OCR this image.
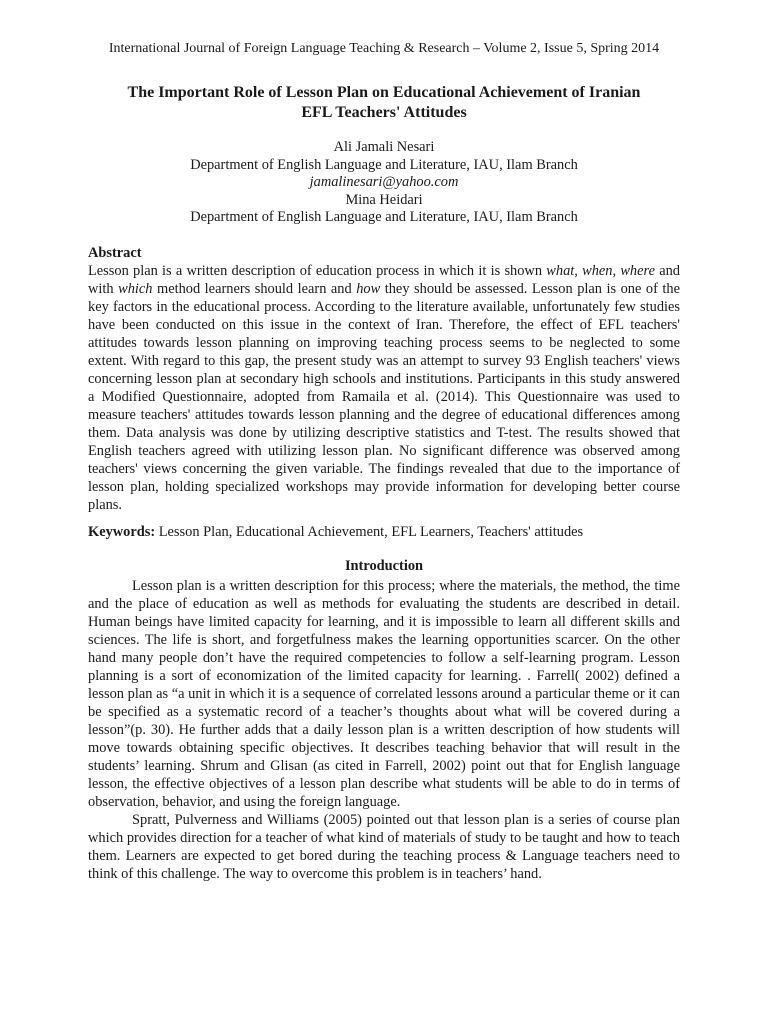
International Journal of Foreign Language Teaching & Research – Volume 2, Issue 5, Spring 2014
The Important Role of Lesson Plan on Educational Achievement of Iranian
EFL Teachers' Attitudes
Ali Jamali Nesari
Department of English Language and Literature, IAU, Ilam Branch
jamalinesari@yahoo.com
Mina Heidari
Department of English Language and Literature, IAU, Ilam Branch
Abstract

Lesson plan is a written description of education process in which it is shown what, when, where and with which method learners should learn and how they should be assessed. Lesson plan is one of the key factors in the educational process. According to the literature available, unfortunately few studies have been conducted on this issue in the context of Iran. Therefore, the effect of EFL teachers' attitudes towards lesson planning on improving teaching process seems to be neglected to some extent. With regard to this gap, the present study was an attempt to survey 93 English teachers' views concerning lesson plan at secondary high schools and institutions. Participants in this study answered a Modified Questionnaire, adopted from Ramaila et al. (2014). This Questionnaire was used to measure teachers' attitudes towards lesson planning and the degree of educational differences among them. Data analysis was done by utilizing descriptive statistics and T-test. The results showed that English teachers agreed with utilizing lesson plan. No significant difference was observed among teachers' views concerning the given variable. The findings revealed that due to the importance of lesson plan, holding specialized workshops may provide information for developing better course plans.

Keywords: Lesson Plan, Educational Achievement, EFL Learners, Teachers' attitudes

Introduction

Lesson plan is a written description for this process; where the materials, the method, the time and the place of education as well as methods for evaluating the students are described in detail. Human beings have limited capacity for learning, and it is impossible to learn all different skills and sciences. The life is short, and forgetfulness makes the learning opportunities scarcer. On the other hand many people don’t have the required competencies to follow a self-learning program. Lesson planning is a sort of economization of the limited capacity for learning. . Farrell( 2002) defined a lesson plan as “a unit in which it is a sequence of correlated lessons around a particular theme or it can be specified as a systematic record of a teacher’s thoughts about what will be covered during a lesson”(p. 30). He further adds that a daily lesson plan is a written description of how students will move towards obtaining specific objectives. It describes teaching behavior that will result in the students’ learning. Shrum and Glisan (as cited in Farrell, 2002) point out that for English language lesson, the effective objectives of a lesson plan describe what students will be able to do in terms of observation, behavior, and using the foreign language.

Spratt, Pulverness and Williams (2005) pointed out that lesson plan is a series of course plan which provides direction for a teacher of what kind of materials of study to be taught and how to teach them. Learners are expected to get bored during the teaching process & Language teachers need to think of this challenge. The way to overcome this problem is in teachers’ hand.
